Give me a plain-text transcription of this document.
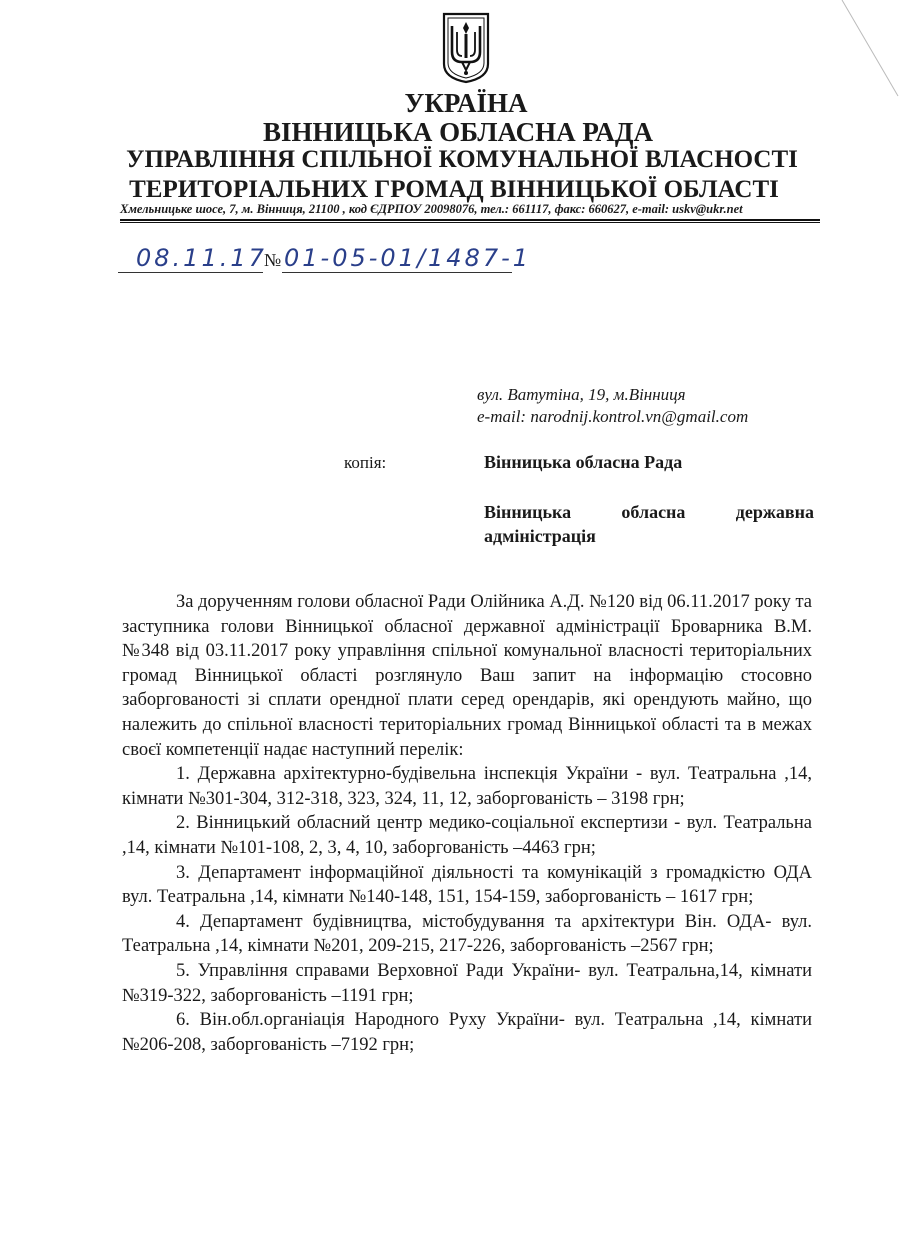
УКРАЇНА
ВІННИЦЬКА ОБЛАСНА РАДА
УПРАВЛІННЯ СПІЛЬНОЇ КОМУНАЛЬНОЇ ВЛАСНОСТІ
ТЕРИТОРІАЛЬНИХ ГРОМАД ВІННИЦЬКОЇ ОБЛАСТІ
Хмельницьке шосе, 7, м. Вінниця, 21100 , код ЄДРПОУ 20098076, тел.: 661117, факс: 660627, e-mail: uskv@ukr.net
08.11.17
№ 01-05-01/1487-1
вул. Ватутіна, 19, м.Вінниця
e-mail: narodnij.kontrol.vn@gmail.com
копія:	Вінницька обласна Рада
Вінницька обласна державна
адміністрація

За дорученням голови обласної Ради Олійника А.Д. №120 від 06.11.2017 року та заступника голови Вінницької обласної державної адміністрації Броварника В.М. №348 від 03.11.2017 року управління спільної комунальної власності територіальних громад Вінницької області розглянуло Ваш запит на інформацію стосовно заборгованості зі сплати орендної плати серед орендарів, які орендують майно, що належить до спільної власності територіальних громад Вінницької області та в межах своєї компетенції надає наступний перелік:

1. Державна архітектурно-будівельна інспекція України - вул. Театральна ,14, кімнати №301-304, 312-318, 323, 324, 11, 12, заборгованість – 3198 грн;

2. Вінницький обласний центр медико-соціальної експертизи - вул. Театральна ,14, кімнати №101-108, 2, 3, 4, 10, заборгованість –4463 грн;

3. Департамент інформаційної діяльності та комунікацій з громадкістю ОДА вул. Театральна ,14, кімнати №140-148, 151, 154-159, заборгованість – 1617 грн;

4. Департамент будівництва, містобудування та архітектури Він. ОДА- вул. Театральна ,14, кімнати №201, 209-215, 217-226, заборгованість –2567 грн;

5. Управління справами Верховної Ради України- вул. Театральна,14, кімнати №319-322, заборгованість –1191 грн;

6. Він.обл.органіація Народного Руху України- вул. Театральна ,14, кімнати №206-208, заборгованість –7192 грн;
